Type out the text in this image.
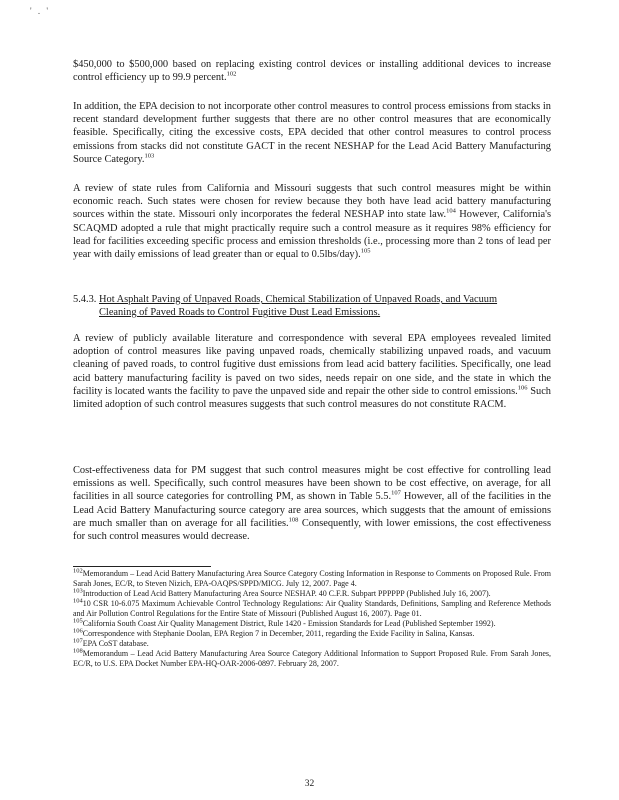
' . '

$450,000 to $500,000 based on replacing existing control devices or installing additional devices to increase control efficiency up to 99.9 percent.$^{102}$

In addition, the EPA decision to not incorporate other control measures to control process emissions from stacks in recent standard development further suggests that there are no other control measures that are economically feasible. Specifically, citing the excessive costs, EPA decided that other control measures to control process emissions from stacks did not constitute GACT in the recent NESHAP for the Lead Acid Battery Manufacturing Source Category.$^{103}$

A review of state rules from California and Missouri suggests that such control measures might be within economic reach. Such states were chosen for review because they both have lead acid battery manufacturing sources within the state. Missouri only incorporates the federal NESHAP into state law.$^{104}$ However, California's SCAQMD adopted a rule that might practically require such a control measure as it requires 98% efficiency for lead for facilities exceeding specific process and emission thresholds (i.e., processing more than 2 tons of lead per year with daily emissions of lead greater than or equal to 0.5lbs/day).$^{105}$

5.4.3. Hot Asphalt Paving of Unpaved Roads, Chemical Stabilization of Unpaved Roads, and Vacuum
Cleaning of Paved Roads to Control Fugitive Dust Lead Emissions.

A review of publicly available literature and correspondence with several EPA employees revealed limited adoption of control measures like paving unpaved roads, chemically stabilizing unpaved roads, and vacuum cleaning of paved roads, to control fugitive dust emissions from lead acid battery facilities. Specifically, one lead acid battery manufacturing facility is paved on two sides, needs repair on one side, and the state in which the facility is located wants the facility to pave the unpaved side and repair the other side to control emissions.$^{106}$ Such limited adoption of such control measures suggests that such control measures do not constitute RACM.

Cost-effectiveness data for PM suggest that such control measures might be cost effective for controlling lead emissions as well. Specifically, such control measures have been shown to be cost effective, on average, for all facilities in all source categories for controlling PM, as shown in Table 5.5.$^{107}$ However, all of the facilities in the Lead Acid Battery Manufacturing source category are area sources, which suggests that the amount of emissions are much smaller than on average for all facilities.$^{108}$ Consequently, with lower emissions, the cost effectiveness for such control measures would decrease.

$^{102}$Memorandum – Lead Acid Battery Manufacturing Area Source Category Costing Information in Response to Comments on Proposed Rule. From Sarah Jones, EC/R, to Steven Nizich, EPA-OAQPS/SPPD/MICG. July 12, 2007. Page 4.

$^{103}$Introduction of Lead Acid Battery Manufacturing Area Source NESHAP. 40 C.F.R. Subpart PPPPPP (Published July 16, 2007).

$^{104}$10 CSR 10-6.075 Maximum Achievable Control Technology Regulations: Air Quality Standards, Definitions, Sampling and Reference Methods and Air Pollution Control Regulations for the Entire State of Missouri (Published August 16, 2007). Page 01.

$^{105}$California South Coast Air Quality Management District, Rule 1420 - Emission Standards for Lead (Published September 1992).

$^{106}$Correspondence with Stephanie Doolan, EPA Region 7 in December, 2011, regarding the Exide Facility in Salina, Kansas.

$^{107}$EPA CoST database.

$^{108}$Memorandum – Lead Acid Battery Manufacturing Area Source Category Additional Information to Support Proposed Rule. From Sarah Jones, EC/R, to U.S. EPA Docket Number EPA-HQ-OAR-2006-0897. February 28, 2007.

32
